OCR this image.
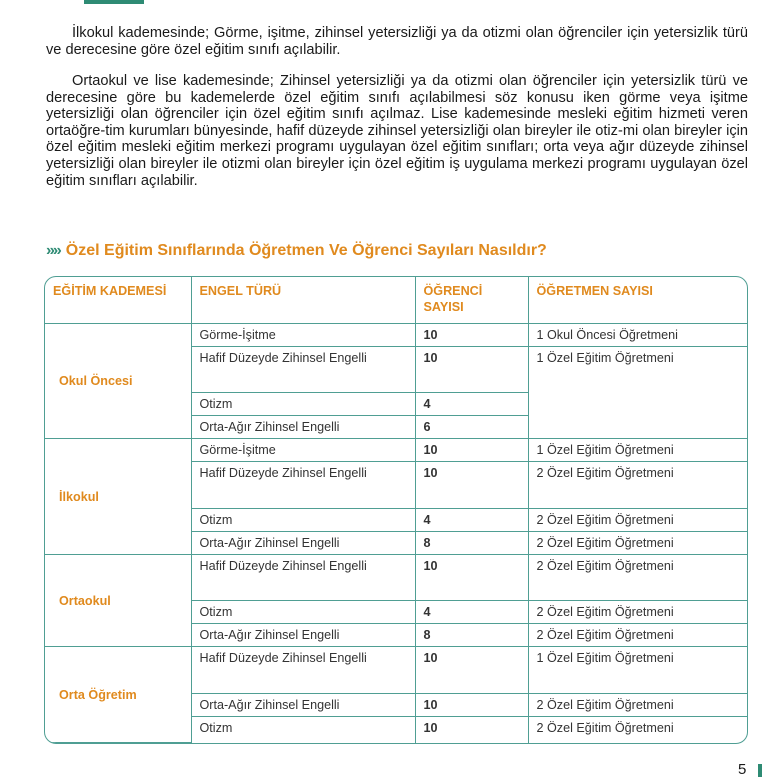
İlkokul kademesinde; Görme, işitme, zihinsel yetersizliği ya da otizmi olan öğrenciler için yetersizlik türü ve derecesine göre özel eğitim sınıfı açılabilir.

Ortaokul ve lise kademesinde; Zihinsel yetersizliği ya da otizmi olan öğrenciler için yetersizlik türü ve derecesine göre bu kademelerde özel eğitim sınıfı açılabilmesi söz konusu iken görme veya işitme yetersizliği olan öğrenciler için özel eğitim sınıfı açılmaz. Lise kademesinde mesleki eğitim hizmeti veren ortaöğre-tim kurumları bünyesinde, hafif düzeyde zihinsel yetersizliği olan bireyler ile otiz-mi olan bireyler için özel eğitim mesleki eğitim merkezi programı uygulayan özel eğitim sınıfları; orta veya ağır düzeyde zihinsel yetersizliği olan bireyler ile otizmi olan bireyler için özel eğitim iş uygulama merkezi programı uygulayan özel eğitim sınıfları açılabilir.

»» Özel Eğitim Sınıflarında Öğretmen Ve Öğrenci Sayıları Nasıldır?
EĞİTİM KADEMESİ	ENGEL TÜRÜ	ÖĞRENCİ SAYISI	ÖĞRETMEN SAYISI
Okul Öncesi	Görme-İşitme	10	1 Okul Öncesi Öğretmeni
	Hafif Düzeyde Zihinsel Engelli	10	1 Özel Eğitim Öğretmeni
	Otizm	4	
	Orta-Ağır Zihinsel Engelli	6	
İlkokul	Görme-İşitme	10	1 Özel Eğitim Öğretmeni
	Hafif Düzeyde Zihinsel Engelli	10	2 Özel Eğitim Öğretmeni
	Otizm	4	2 Özel Eğitim Öğretmeni
	Orta-Ağır Zihinsel Engelli	8	2 Özel Eğitim Öğretmeni
Ortaokul	Hafif Düzeyde Zihinsel Engelli	10	2 Özel Eğitim Öğretmeni
	Otizm	4	2 Özel Eğitim Öğretmeni
	Orta-Ağır Zihinsel Engelli	8	2 Özel Eğitim Öğretmeni
Orta Öğretim	Hafif Düzeyde Zihinsel Engelli	10	1 Özel Eğitim Öğretmeni
	Orta-Ağır Zihinsel Engelli	10	2 Özel Eğitim Öğretmeni
	Otizm	10	2 Özel Eğitim Öğretmeni
5
